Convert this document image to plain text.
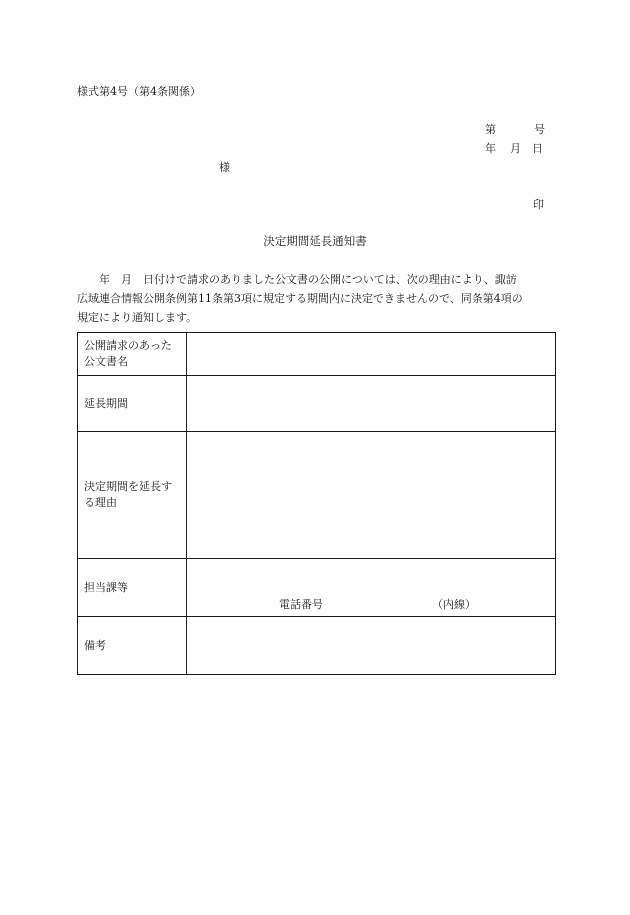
様式第4号（第4条関係）
第	号
年 月 日
様
印
決定期間延長通知書
年　月　日付けで請求のありました公文書の公開については、次の理由により、諏訪
広域連合情報公開条例第11条第3項に規定する期間内に決定できませんので、同条第4項の
規定により通知します。
公開請求のあった
公文書名	

延長期間	

決定期間を延長す
る理由	

担当課等	電話番号 （内線）

備考	
